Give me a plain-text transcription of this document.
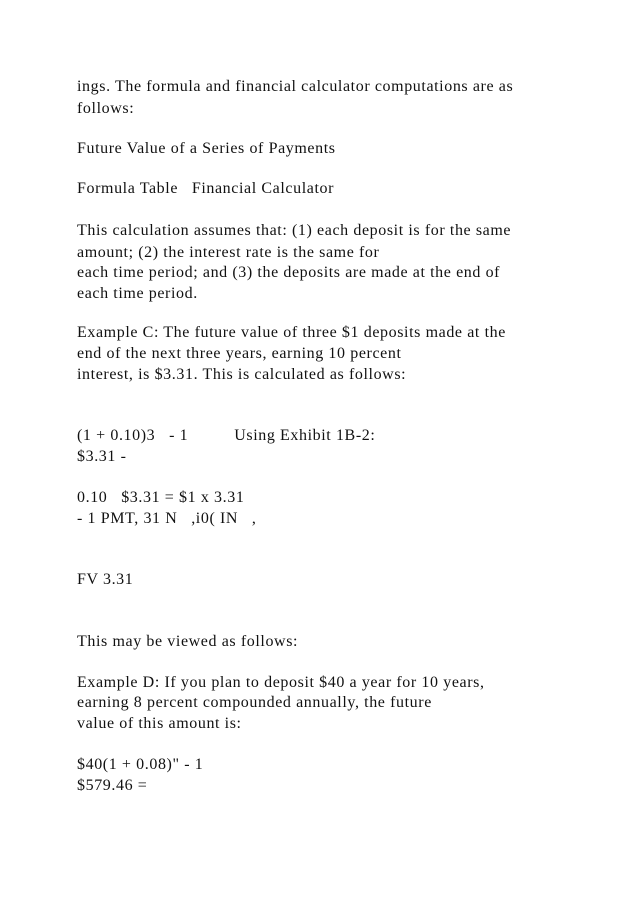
ings. The formula and financial calculator computations are as
follows:
Future Value of a Series of Payments
Formula Table   Financial Calculator
This calculation assumes that: (1) each deposit is for the same
amount; (2) the interest rate is the same for
each time period; and (3) the deposits are made at the end of
each time period.
Example C: The future value of three $1 deposits made at the
end of the next three years, earning 10 percent
interest, is $3.31. This is calculated as follows:
(1 + 0.10)3   - 1          Using Exhibit 1B-2:
$3.31 -
0.10   $3.31 = $1 x 3.31
- 1 PMT, 31 N   ,i0( IN   ,
FV 3.31
This may be viewed as follows:
Example D: If you plan to deposit $40 a year for 10 years,
earning 8 percent compounded annually, the future
value of this amount is:
$40(1 + 0.08)" - 1
$579.46 =
